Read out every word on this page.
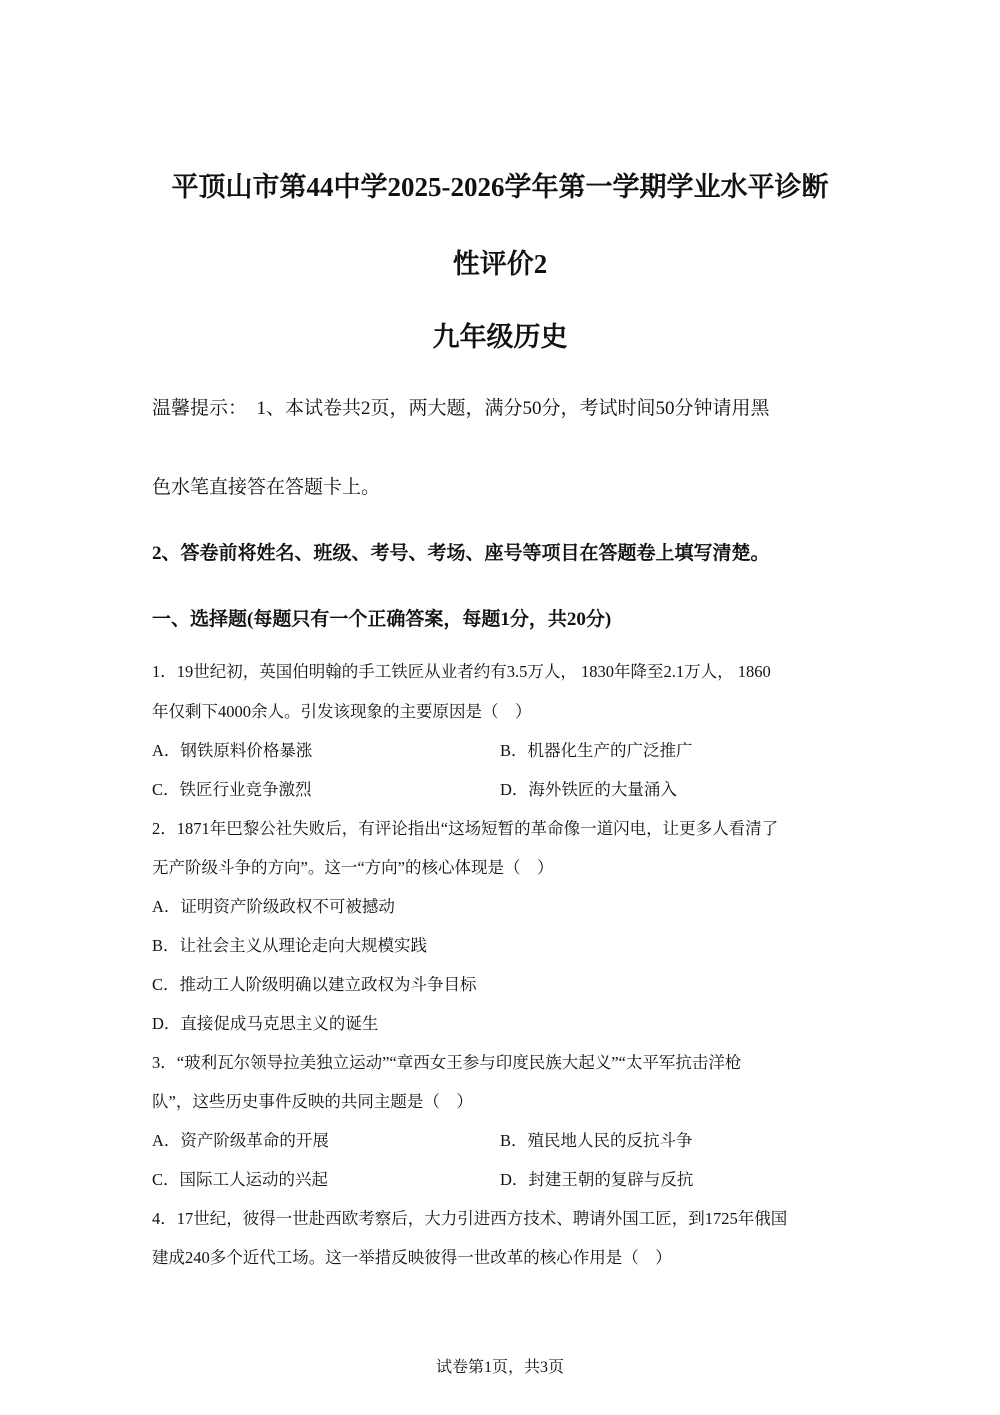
平顶山市第44中学2025-2026学年第一学期学业水平诊断
性评价2
九年级历史
温馨提示：　1、本试卷共2页，两大题，满分50分，考试时间50分钟请用黑
色水笔直接答在答题卡上。
2、答卷前将姓名、班级、考号、考场、座号等项目在答题卷上填写清楚。
一、选择题(每题只有一个正确答案，每题1分，共20分)
1．19世纪初，英国伯明翰的手工铁匠从业者约有3.5万人， 1830年降至2.1万人， 1860
年仅剩下4000余人。引发该现象的主要原因是（　）
A．钢铁原料价格暴涨	B．机器化生产的广泛推广
C．铁匠行业竞争激烈	D．海外铁匠的大量涌入
2．1871年巴黎公社失败后，有评论指出“这场短暂的革命像一道闪电，让更多人看清了
无产阶级斗争的方向”。这一“方向”的核心体现是（　）
A．证明资产阶级政权不可被撼动
B．让社会主义从理论走向大规模实践
C．推动工人阶级明确以建立政权为斗争目标
D．直接促成马克思主义的诞生
3．“玻利瓦尔领导拉美独立运动”“章西女王参与印度民族大起义”“太平军抗击洋枪
队”，这些历史事件反映的共同主题是（　）
A．资产阶级革命的开展	B．殖民地人民的反抗斗争
C．国际工人运动的兴起	D．封建王朝的复辟与反抗
4．17世纪，彼得一世赴西欧考察后，大力引进西方技术、聘请外国工匠，到1725年俄国
建成240多个近代工场。这一举措反映彼得一世改革的核心作用是（　）
试卷第1页，共3页
